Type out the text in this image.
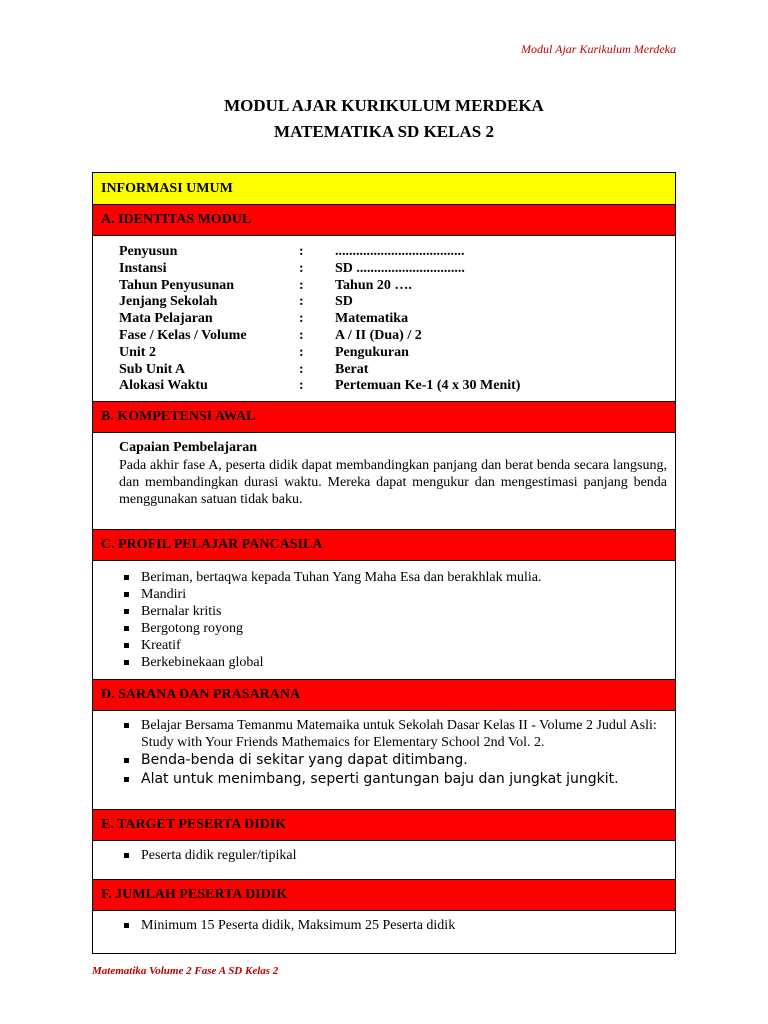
Modul Ajar Kurikulum Merdeka
MODUL AJAR KURIKULUM MERDEKA
MATEMATIKA SD KELAS 2
INFORMASI UMUM
A. IDENTITAS MODUL

Penyusun	:	.....................................
Instansi	:	SD ...............................
Tahun Penyusunan	:	Tahun 20 ….
Jenjang Sekolah	:	SD
Mata Pelajaran	:	Matematika
Fase / Kelas / Volume	:	A / II (Dua) / 2
Unit 2	:	Pengukuran
Sub Unit A	:	Berat
Alokasi Waktu	:	Pertemuan Ke-1 (4 x 30 Menit)

B. KOMPETENSI AWAL

Capaian Pembelajaran
Pada akhir fase A, peserta didik dapat membandingkan panjang dan berat benda secara langsung, dan membandingkan durasi waktu. Mereka dapat mengukur dan mengestimasi panjang benda menggunakan satuan tidak baku.

C. PROFIL PELAJAR PANCASILA

Beriman, bertaqwa kepada Tuhan Yang Maha Esa dan berakhlak mulia.
Mandiri
Bernalar kritis
Bergotong royong
Kreatif
Berkebinekaan global

D. SARANA DAN PRASARANA

Belajar Bersama Temanmu Matemaika untuk Sekolah Dasar Kelas II - Volume 2 Judul Asli: Study with Your Friends Mathemaics for Elementary School 2nd Vol. 2.
Benda-benda di sekitar yang dapat ditimbang.
Alat untuk menimbang, seperti gantungan baju dan jungkat jungkit.

E. TARGET PESERTA DIDIK

Peserta didik reguler/tipikal

F. JUMLAH PESERTA DIDIK

Minimum 15 Peserta didik, Maksimum 25 Peserta didik
Matematika Volume 2 Fase A SD Kelas 2
